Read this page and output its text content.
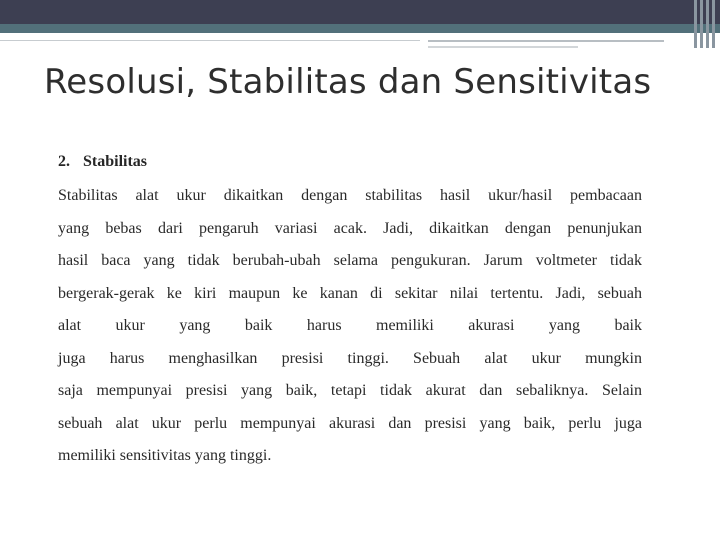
Resolusi, Stabilitas dan Sensitivitas
2. Stabilitas
Stabilitas alat ukur dikaitkan dengan stabilitas hasil ukur/hasil pembacaan
yang bebas dari pengaruh variasi acak. Jadi, dikaitkan dengan penunjukan
hasil baca yang tidak berubah-ubah selama pengukuran. Jarum voltmeter tidak
bergerak-gerak ke kiri maupun ke kanan di sekitar nilai tertentu. Jadi, sebuah
alat ukur yang baik harus memiliki akurasi yang baik
juga harus menghasilkan presisi tinggi. Sebuah alat ukur mungkin
saja mempunyai presisi yang baik, tetapi tidak akurat dan sebaliknya. Selain
sebuah alat ukur perlu mempunyai akurasi dan presisi yang baik, perlu juga
memiliki sensitivitas yang tinggi.
